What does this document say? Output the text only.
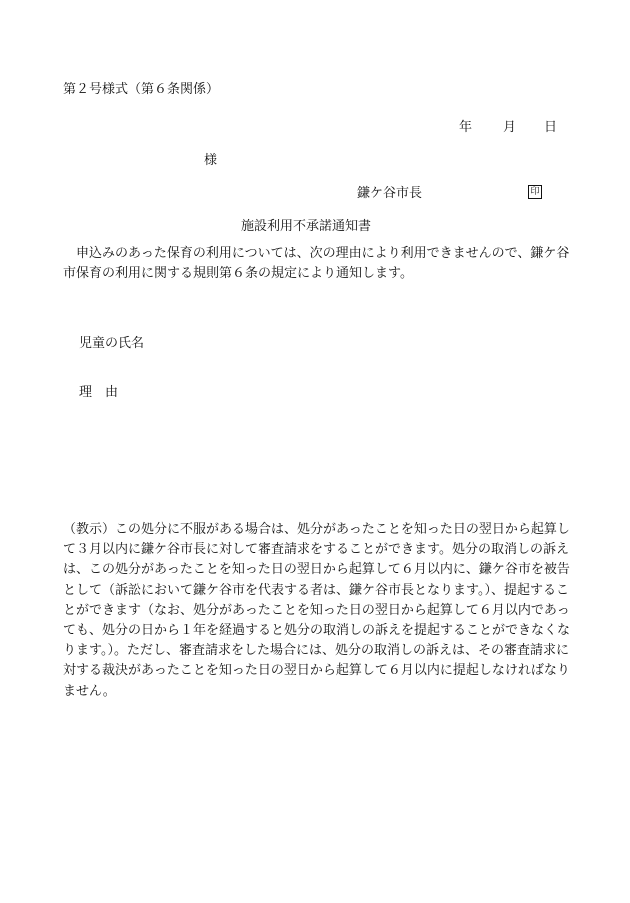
第２号様式（第６条関係）
年 月 日
様
鎌ケ谷市長	印
施設利用不承諾通知書
　申込みのあった保育の利用については、次の理由により利用できませんので、鎌ケ谷市保育の利用に関する規則第６条の規定により通知します。
児童の氏名
理　由
（教示）この処分に不服がある場合は、処分があったことを知った日の翌日から起算して３月以内に鎌ケ谷市長に対して審査請求をすることができます。処分の取消しの訴えは、この処分があったことを知った日の翌日から起算して６月以内に、鎌ケ谷市を被告として（訴訟において鎌ケ谷市を代表する者は、鎌ケ谷市長となります。）、提起することができます（なお、処分があったことを知った日の翌日から起算して６月以内であっても、処分の日から１年を経過すると処分の取消しの訴えを提起することができなくなります。）。ただし、審査請求をした場合には、処分の取消しの訴えは、その審査請求に対する裁決があったことを知った日の翌日から起算して６月以内に提起しなければなりません。
